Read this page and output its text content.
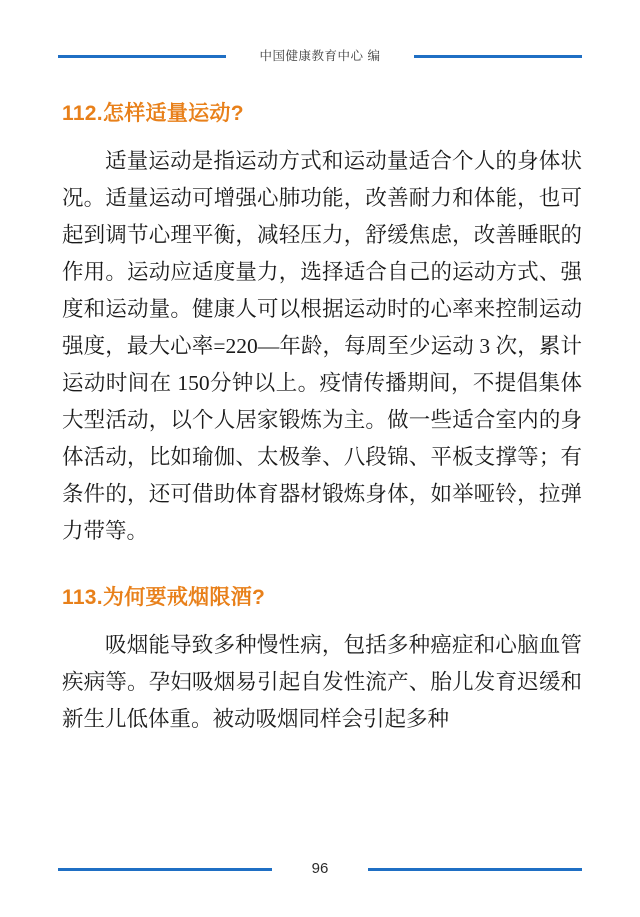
中国健康教育中心 编
112.怎样适量运动?

适量运动是指运动方式和运动量适合个人的身体状况。适量运动可增强心肺功能，改善耐力和体能，也可起到调节心理平衡，减轻压力，舒缓焦虑，改善睡眠的作用。运动应适度量力，选择适合自己的运动方式、强度和运动量。健康人可以根据运动时的心率来控制运动强度，最大心率=220—年龄，每周至少运动 3 次，累计运动时间在 150分钟以上。疫情传播期间，不提倡集体大型活动，以个人居家锻炼为主。做一些适合室内的身体活动，比如瑜伽、太极拳、八段锦、平板支撑等；有条件的，还可借助体育器材锻炼身体，如举哑铃，拉弹力带等。

113.为何要戒烟限酒?

吸烟能导致多种慢性病，包括多种癌症和心脑血管疾病等。孕妇吸烟易引起自发性流产、胎儿发育迟缓和新生儿低体重。被动吸烟同样会引起多种

96
